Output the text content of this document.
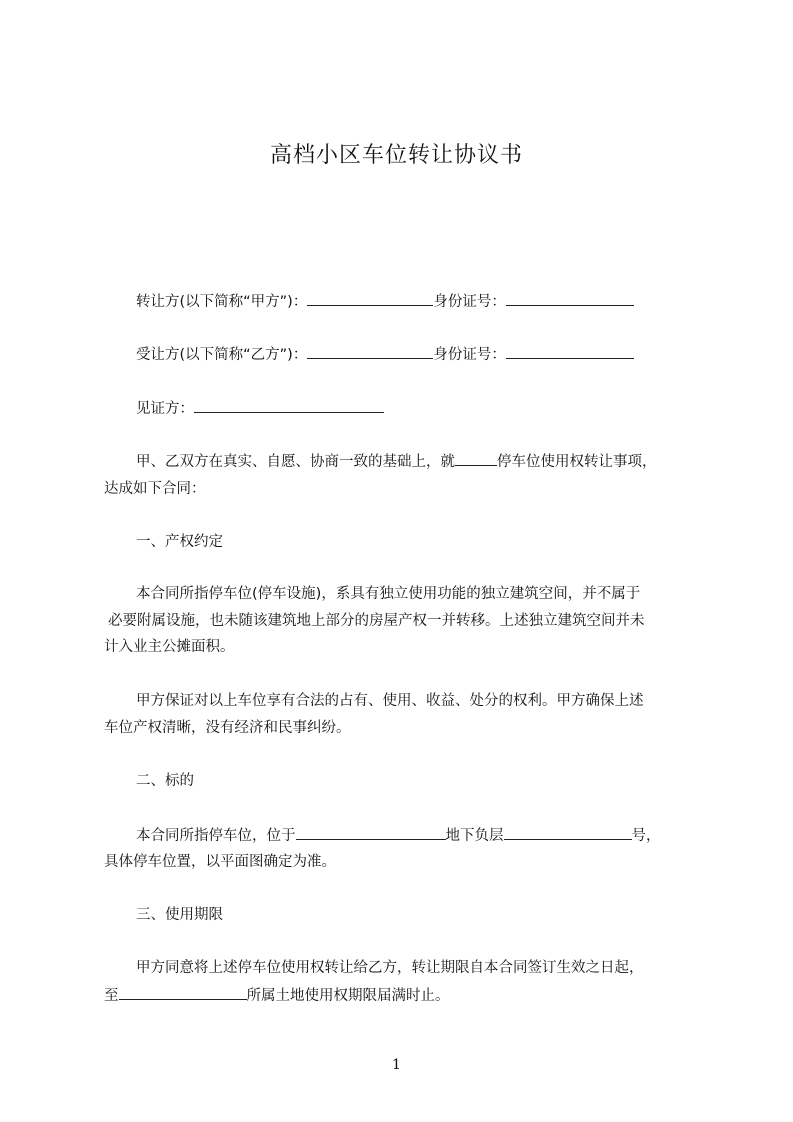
高档小区车位转让协议书
转让方(以下简称“甲方”)：	身份证号：
受让方(以下简称“乙方”)：	身份证号：
见证方：
甲、乙双方在真实、自愿、协商一致的基础上，就	停车位使用权转让事项，
达成如下合同：
一、产权约定
本合同所指停车位(停车设施)，系具有独立使用功能的独立建筑空间，并不属于
必要附属设施，也未随该建筑地上部分的房屋产权一并转移。上述独立建筑空间并未
计入业主公摊面积。
甲方保证对以上车位享有合法的占有、使用、收益、处分的权利。甲方确保上述
车位产权清晰，没有经济和民事纠纷。
二、标的
本合同所指停车位，位于	地下负层	号，
具体停车位置，以平面图确定为准。
三、使用期限
甲方同意将上述停车位使用权转让给乙方，转让期限自本合同签订生效之日起，
至	所属土地使用权期限届满时止。
1
